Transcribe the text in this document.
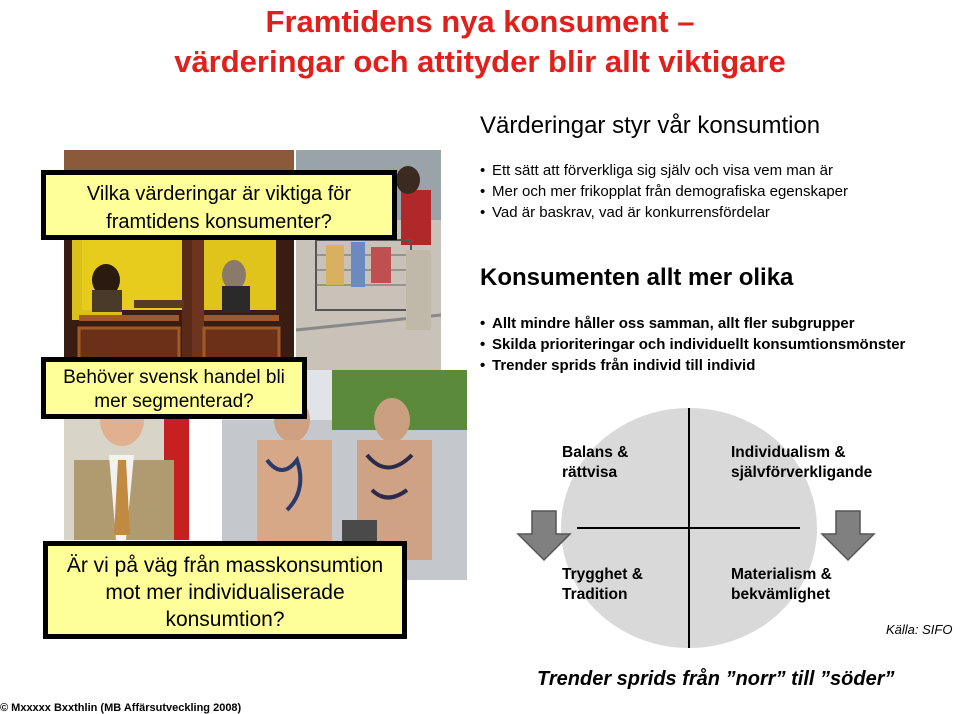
Framtidens nya konsument –
värderingar och attityder blir allt viktigare
Vilka värderingar är viktiga för framtidens konsumenter?
Behöver svensk handel bli mer segmenterad?
Är vi på väg från masskonsumtion mot mer individualiserade konsumtion?
Värderingar styr vår konsumtion
• Ett sätt att förverkliga sig själv och visa vem man är
• Mer och mer frikopplat från demografiska egenskaper
• Vad är baskrav, vad är konkurrensfördelar
Konsumenten allt mer olika
• Allt mindre håller oss samman, allt fler subgrupper
• Skilda prioriteringar och individuellt konsumtionsmönster
• Trender sprids från individ till individ
Balans & rättvisa
Individualism & självförverkligande
Trygghet & Tradition
Materialism & bekvämlighet
Källa: SIFO
Trender sprids från ”norr” till ”söder”
© Mxxxxx Bxxthlin (MB Affärsutveckling 2008)
